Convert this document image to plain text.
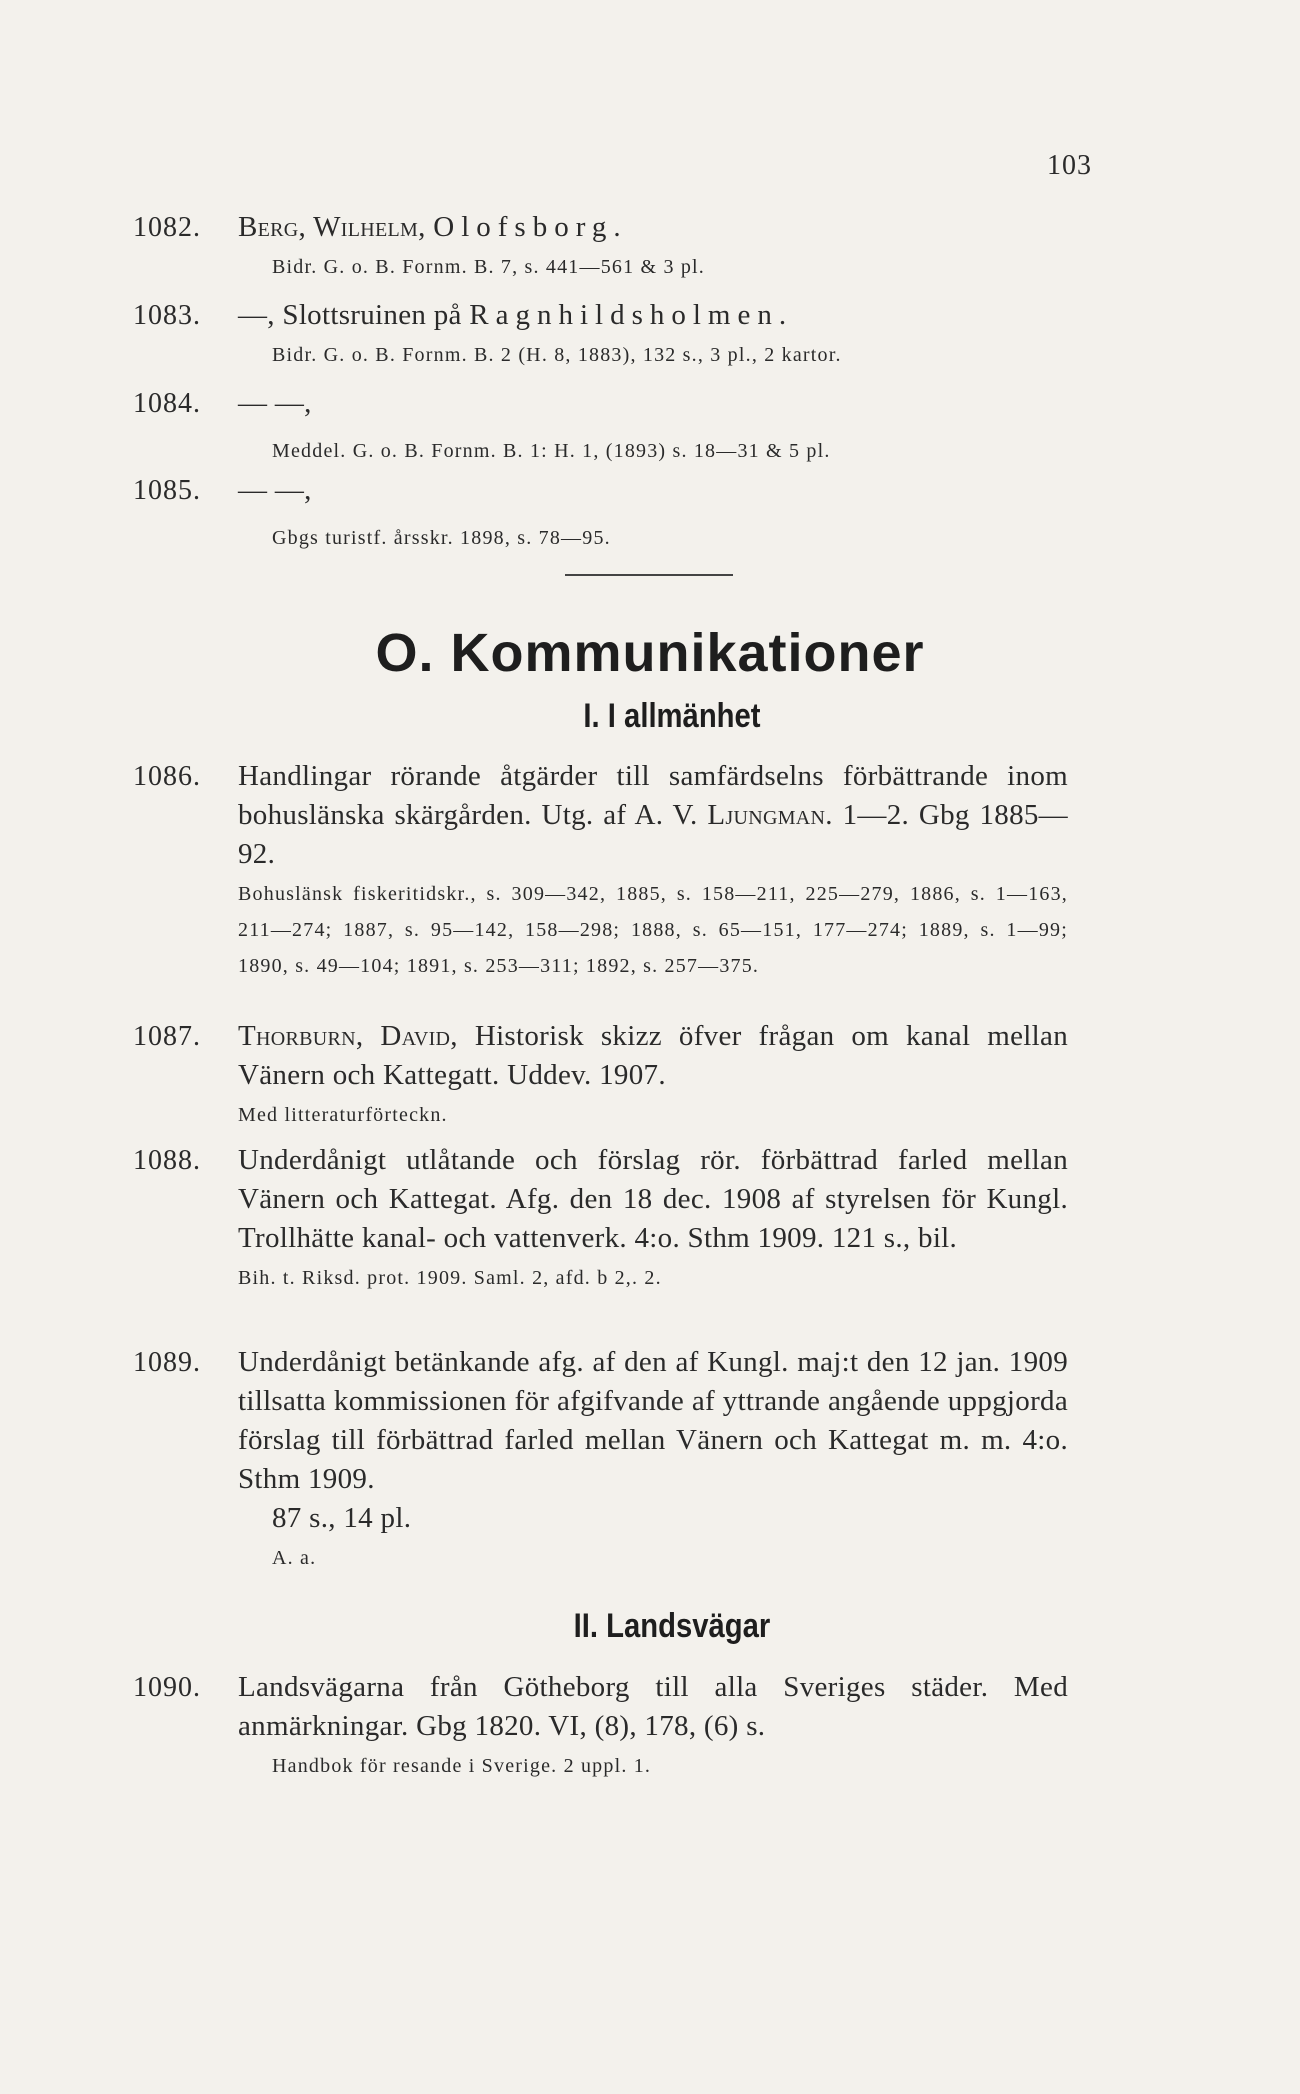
103
1082. Berg, Wilhelm, Olofsborg.
Bidr. G. o. B. Fornm. B. 7, s. 441—561 & 3 pl.
1083. —, Slottsruinen på Ragnhildsholmen.
Bidr. G. o. B. Fornm. B. 2 (H. 8, 1883), 132 s., 3 pl., 2 kartor.
1084. — —,
Meddel. G. o. B. Fornm. B. 1: H. 1, (1893) s. 18—31 & 5 pl.
1085. — —,
Gbgs turistf. årsskr. 1898, s. 78—95.
O. Kommunikationer
I. I allmänhet
1086. Handlingar rörande åtgärder till samfärdselns förbättrande inom bohuslänska skärgården. Utg. af A. V. Ljungman. 1—2. Gbg 1885—92.
Bohuslänsk fiskeritidskr., s. 309—342, 1885, s. 158—211, 225—279, 1886, s. 1—163, 211—274; 1887, s. 95—142, 158—298; 1888, s. 65—151, 177—274; 1889, s. 1—99; 1890, s. 49—104; 1891, s. 253—311; 1892, s. 257—375.
1087. Thorburn, David, Historisk skizz öfver frågan om kanal mellan Vänern och Kattegatt. Uddev. 1907.
Med litteraturförteckn.
1088. Underdånigt utlåtande och förslag rör. förbättrad farled mellan Vänern och Kattegat. Afg. den 18 dec. 1908 af styrelsen för Kungl. Trollhätte kanal- och vattenverk. 4:o. Sthm 1909. 121 s., bil.
Bih. t. Riksd. prot. 1909. Saml. 2, afd. b 2,. 2.
1089. Underdånigt betänkande afg. af den af Kungl. maj:t den 12 jan. 1909 tillsatta kommissionen för afgifvande af yttrande angående uppgjorda förslag till förbättrad farled mellan Vänern och Kattegat m. m. 4:o. Sthm 1909.
87 s., 14 pl.
A. a.
II. Landsvägar
1090. Landsvägarna från Götheborg till alla Sveriges städer. Med anmärkningar. Gbg 1820. VI, (8), 178, (6) s.
Handbok för resande i Sverige. 2 uppl. 1.
